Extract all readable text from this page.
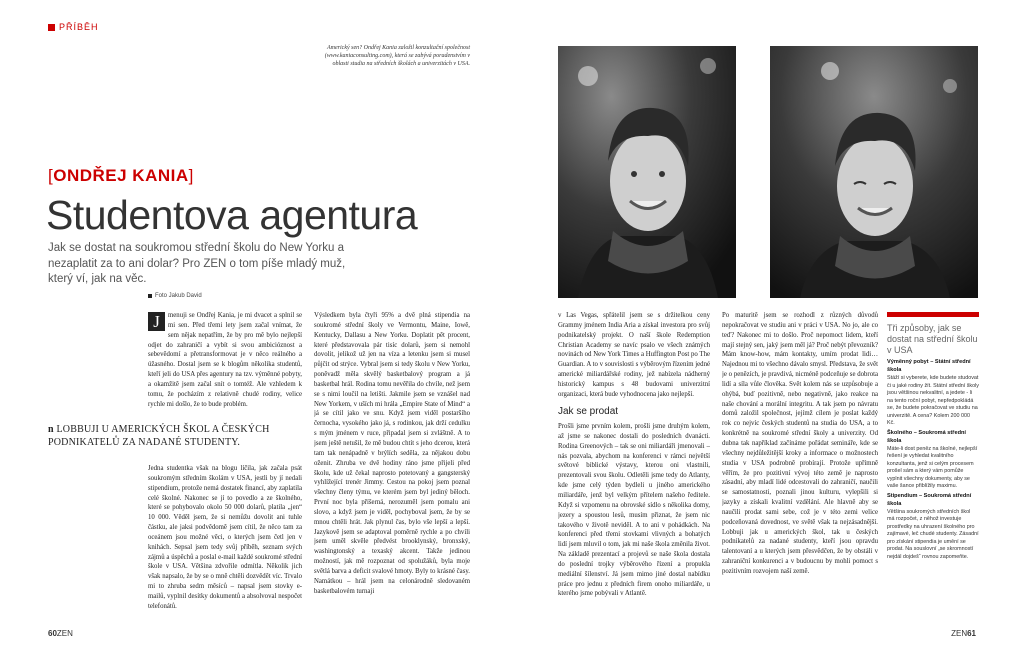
PŘÍBĚH
Americký sen? Ondřej Kania založil konzultační společnost (www.kaniaconsulting.com), která se zabývá poradenstvím v oblasti studia na středních školách a univerzitách v USA.
[ONDŘEJ KANIA]
Studentova agentura
Jak se dostat na soukromou střední školu do New Yorku a nezaplatit za to ani dolar? Pro ZEN o tom píše mladý muž, který ví, jak na věc.
Foto Jakub David
J	menuji se Ondřej Kania, je mi dvacet a splnil se mi sen. Před třemi lety jsem začal vnímat, že sem nějak nepatřím, že by pro mě bylo nejlepší odjet do zahraničí a vybít si svou ambicióznost a sebevědomí a přetransformovat je v něco reálného a úžasného. Dostal jsem se k blogům několika studentů, kteří jeli do USA přes agentury na tzv. výměnné pobyty, a okamžitě jsem začal snít o tomtéž. Ale vzhledem k tomu, že pocházím z relativně chudé rodiny, velice rychle mi došlo, že to bude problém.
n LOBBUJI U AMERICKÝCH ŠKOL A ČESKÝCH PODNIKATELŮ ZA NADANÉ STUDENTY.
Jedna studentka však na blogu líčila, jak začala psát soukromým středním školám v USA, jestli by jí nedali stipendium, protože nemá dostatek financí, aby zaplatila celé školné. Nakonec se jí to povedlo a ze školného, které se pohybovalo okolo 50 000 dolarů, platila „jen“ 10 000. Věděl jsem, že si nemůžu dovolit ani tuhle částku, ale jaksi podvědomě jsem cítil, že něco tam za oceánem jsou možné věci, o kterých jsem četl jen v knihách. Sepsal jsem tedy svůj příběh, seznam svých zájmů a úspěchů a poslal e-mail každé soukromé střední škole v USA. Většina zdvořile odmítla. Několik jich však napsalo, že by se o mně chtěli dozvědět víc. Trvalo mi to zhruba sedm měsíců – napsal jsem stovky e-mailů, vyplnil desítky dokumentů a absolvoval nespočet telefonátů.
Výsledkem byla čtyři 95% a dvě plná stipendia na soukromé střední školy ve Vermontu, Maine, Iowě, Kentucky, Dallasu a New Yorku. Doplatit pět procent, které představovala pár tisíc dolarů, jsem si nemohl dovolit, jelikož už jen na víza a letenku jsem si musel půjčit od strýce. Vybral jsem si tedy školu v New Yorku, poněvadž měla skvělý basketbalový program a já basketbal hrál. Rodina tomu nevěřila do chvíle, než jsem se s nimi loučil na letišti. Jakmile jsem se vznášel nad New Yorkem, v uších mi hrála „Empire State of Mind“ a já se cítil jako ve snu. Když jsem viděl postaršího černocha, vysokého jako já, s rodinkou, jak drží cedulku s mým jménem v ruce, připadal jsem si zvláštně. A to jsem ještě netušil, že mě budou chtít s jeho dcerou, která tam tak nenápadně v brýlích seděla, za nějakou dobu oženit. Zhruba ve dvě hodiny ráno jsme přijeli před školu, kde už čekal naprosto potetovaný a gangsterský vyhlížející trenér Jimmy. Cestou na pokoj jsem poznal všechny členy týmu, ve kterém jsem byl jediný běloch. První noc byla příšerná, nerozuměl jsem pomalu ani slovo, a když jsem je viděl, pochyboval jsem, že by se mnou chtěli hrát. Jak plynul čas, bylo vše lepší a lepší. Jazykově jsem se adaptoval poměrně rychle a po chvíli jsem uměl skvěle předvést brooklynský, bronxský, washingtonský a texaský akcent. Takže jedinou možností, jak mě rozpoznat od spolužáků, byla moje světlá barva a deficit svalové hmoty. Byly to krásné časy. Namátkou – hrál jsem na celonárodně sledovaném basketbalovém turnaji
60ZEN
v Las Vegas, spřátelil jsem se s držitelkou ceny Grammy jménem India Aria a získal investora pro svůj podnikatelský projekt. O naší škole Redemption Christian Academy se navíc psalo ve všech známých novinách od New York Times a Huffington Post po The Guardian. A to v souvislosti s výběrovým řízením jedné americké miliardářské rodiny, jež nabízela nádherný historický kampus s 48 budovami univerzitní organizaci, která bude vyhodnocena jako nejlepší.
Jak se prodat
Prošli jsme prvním kolem, prošli jsme druhým kolem, až jsme se nakonec dostali do posledních dvanácti. Rodina Greenových – tak se oni miliardáři jmenovali – nás pozvala, abychom na konferenci v rámci největší světové biblické výstavy, kterou oni vlastnili, prezentovali svou školu. Odletěli jsme tedy do Atlanty, kde jsme celý týden bydleli u jiného amerického miliardáře, jenž byl velkým přítelem našeho ředitele. Když si vzpomenu na obrovské sídlo s několika domy, jezery a spoustou lesů, musím přiznat, že jsem nic takového v životě neviděl. A to ani v pohádkách. Na konferenci před třemi stovkami vlivných a bohatých lidí jsem mluvil o tom, jak mi naše škola změnila život. Na základě prezentací a projevů se naše škola dostala do poslední trojky výběrového řízení a propukla mediální šílenství. Já jsem mimo jiné dostal nabídku práce pro jednu z předních firem onoho miliardáře, u kterého jsme pobývali v Atlantě.
Po maturitě jsem se rozhodl z různých důvodů nepokračovat ve studiu ani v práci v USA. No jo, ale co teď? Nakonec mi to došlo. Proč nepomoct lidem, kteří mají stejný sen, jaký jsem měl já? Proč nebýt převozník? Mám know-how, mám kontakty, umím prodat lidi… Najednou mi to všechno dávalo smysl. Představa, že svět je o penězích, je pravdivá, nicméně podceňuje se dobrota lidí a síla vůle člověka. Svět kolem nás se uzpůsobuje a ohýbá, buď pozitivně, nebo negativně, jako reakce na naše chování a morální integritu. A tak jsem po návratu domů založil společnost, jejímž cílem je poslat každý rok co nejvíc českých studentů na studia do USA, a to konkrétně na soukromé střední školy a univerzity. Od dubna tak například začínáme pořádat semináře, kde se všechny nejdůležitější kroky a informace o možnostech studia v USA podrobně probírají. Protože upřímně věřím, že pro pozitivní vývoj této země je naprosto zásadní, aby mladí lidé odcestovali do zahraničí, naučili se samostatnosti, poznali jinou kulturu, vylepšili si jazyky a získali kvalitní vzdělání. Ale hlavně aby se naučili prodat sami sebe, což je v této zemi velice podceňovaná dovednost, ve světě však ta nejzásadnější. Lobbuji jak u amerických škol, tak u českých podnikatelů za nadané studenty, kteří jsou opravdu talentovaní a u kterých jsem přesvědčen, že by obstáli v zahraniční konkurenci a v budoucnu by mohli pomoct s pozitivním rozvojem naší země.
Tři způsoby, jak se dostat na střední školu v USA
Výměnný pobyt – Státní střední škola
Stáží si vyberete, kde budete studovat či u jaké rodiny žít. Státní střední školy jsou většinou nekvalitní, a jedete - li na tento roční pobyt, nepředpokládá se, že budete pokračovat ve studiu na univerzitě. A cena? Kolem 200 000 Kč.
Školného – Soukromá střední škola
Máte-li dost peněz na školné, nejlepší řešení je vyhledat kvalitního konzultanta, jenž si celým procesem prošel sám a který vám pomůže vyplnit všechny dokumenty, aby se vaše šance přiblížily maximu.
Stipendium – Soukromá střední škola
Většina soukromých středních škol má rozpočet, z něhož investuje prostředky na uhrazení školného pro zajímavé, leč chudé studenty. Zásadní pro získání stipendia je umění se prodat. Na souslovní „se skromností nejdál dojdeš“ rovnou zapomeňte.
ZEN61
